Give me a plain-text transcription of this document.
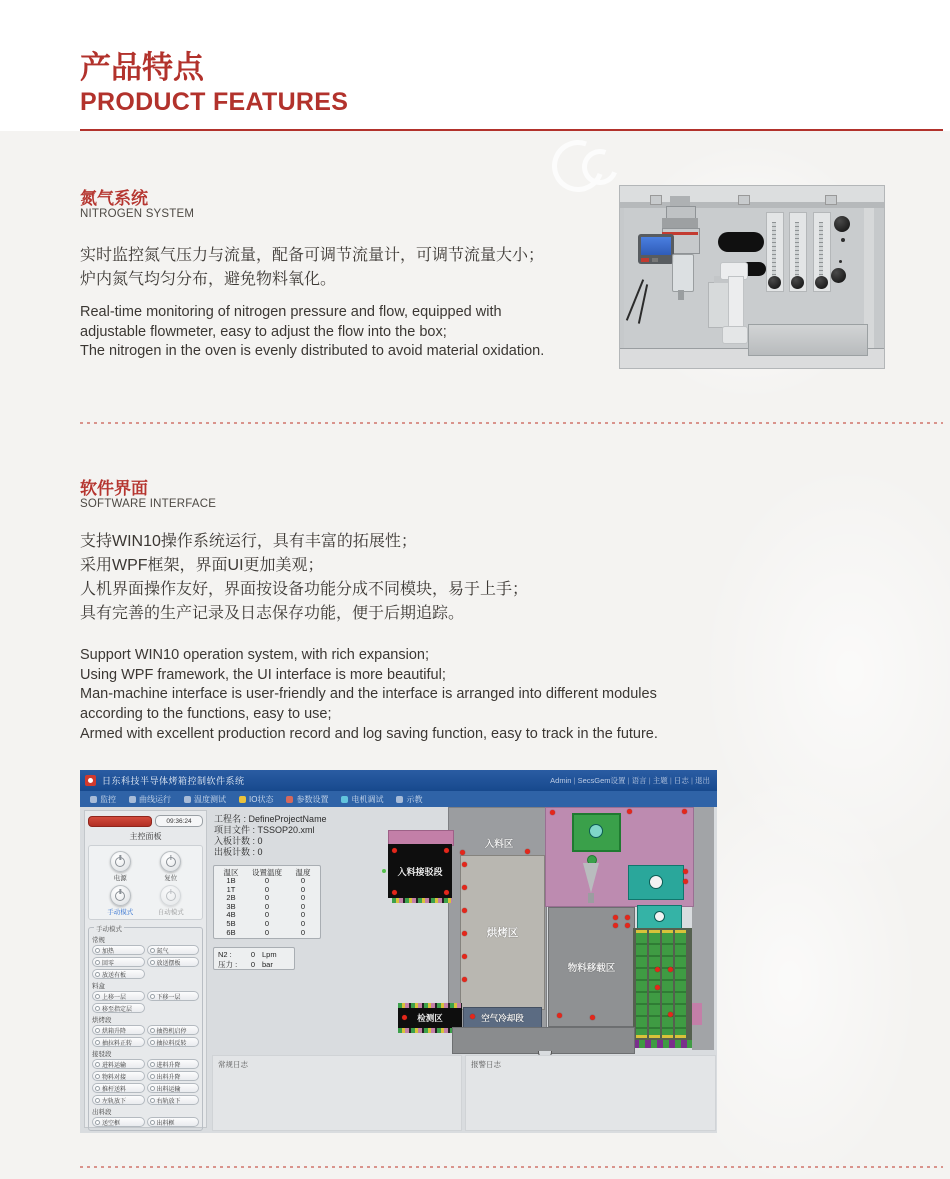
产品特点
PRODUCT FEATURES
氮气系统
NITROGEN SYSTEM
实时监控氮气压力与流量，配备可调节流量计，可调节流量大小；
炉内氮气均匀分布，避免物料氧化。
Real-time monitoring of nitrogen pressure and flow, equipped with
adjustable flowmeter, easy to adjust the flow into the box;
The nitrogen in the oven is evenly distributed to avoid material oxidation.
软件界面
SOFTWARE INTERFACE
支持WIN10操作系统运行，具有丰富的拓展性；
采用WPF框架，界面UI更加美观；
人机界面操作友好，界面按设备功能分成不同模块，易于上手；
具有完善的生产记录及日志保存功能，便于后期追踪。
Support WIN10 operation system, with rich expansion;
Using WPF framework, the UI interface is more beautiful;
Man-machine interface is user-friendly and the interface is arranged into different modules
according to the functions, easy to use;
Armed with excellent production record and log saving function, easy to track in the future.
日东科技半导体烤箱控制软件系统	Admin | SecsGem设置 | 语言 | 主题 | 日志 | 退出
监控	曲线运行	温度测试	IO状态	参数设置	电机调试	示教
09:36:24
主控面板
电源	复位
手动模式	自动模式
手动模式
常规
加热	氮气
回零	放送摆板
放送有板
料盒
上移一层	下移一层
移至指定层
烘烤段
烘箱升降	抽热机启停
抽拉料正转	抽拉料反转
接驳段
进料运输	进料升降
物料对接	出料升降
推杆送料	出料运输
左轨放下	右轨放下
出料段
送空框	出料框
工程名 : DefineProjectName
项目文件 : TSSOP20.xml
入板计数 : 0
出板计数 : 0
温区	设置温度	温度
1B	0	0
1T	0	0
2B	0	0
3B	0	0
4B	0	0
5B	0	0
6B	0	0
N2 :	0 Lpm
压力 :	0 bar
入料区
烘烤区
入料接驳段
物料移载区
检测区	空气冷却段
常规日志	报警日志
